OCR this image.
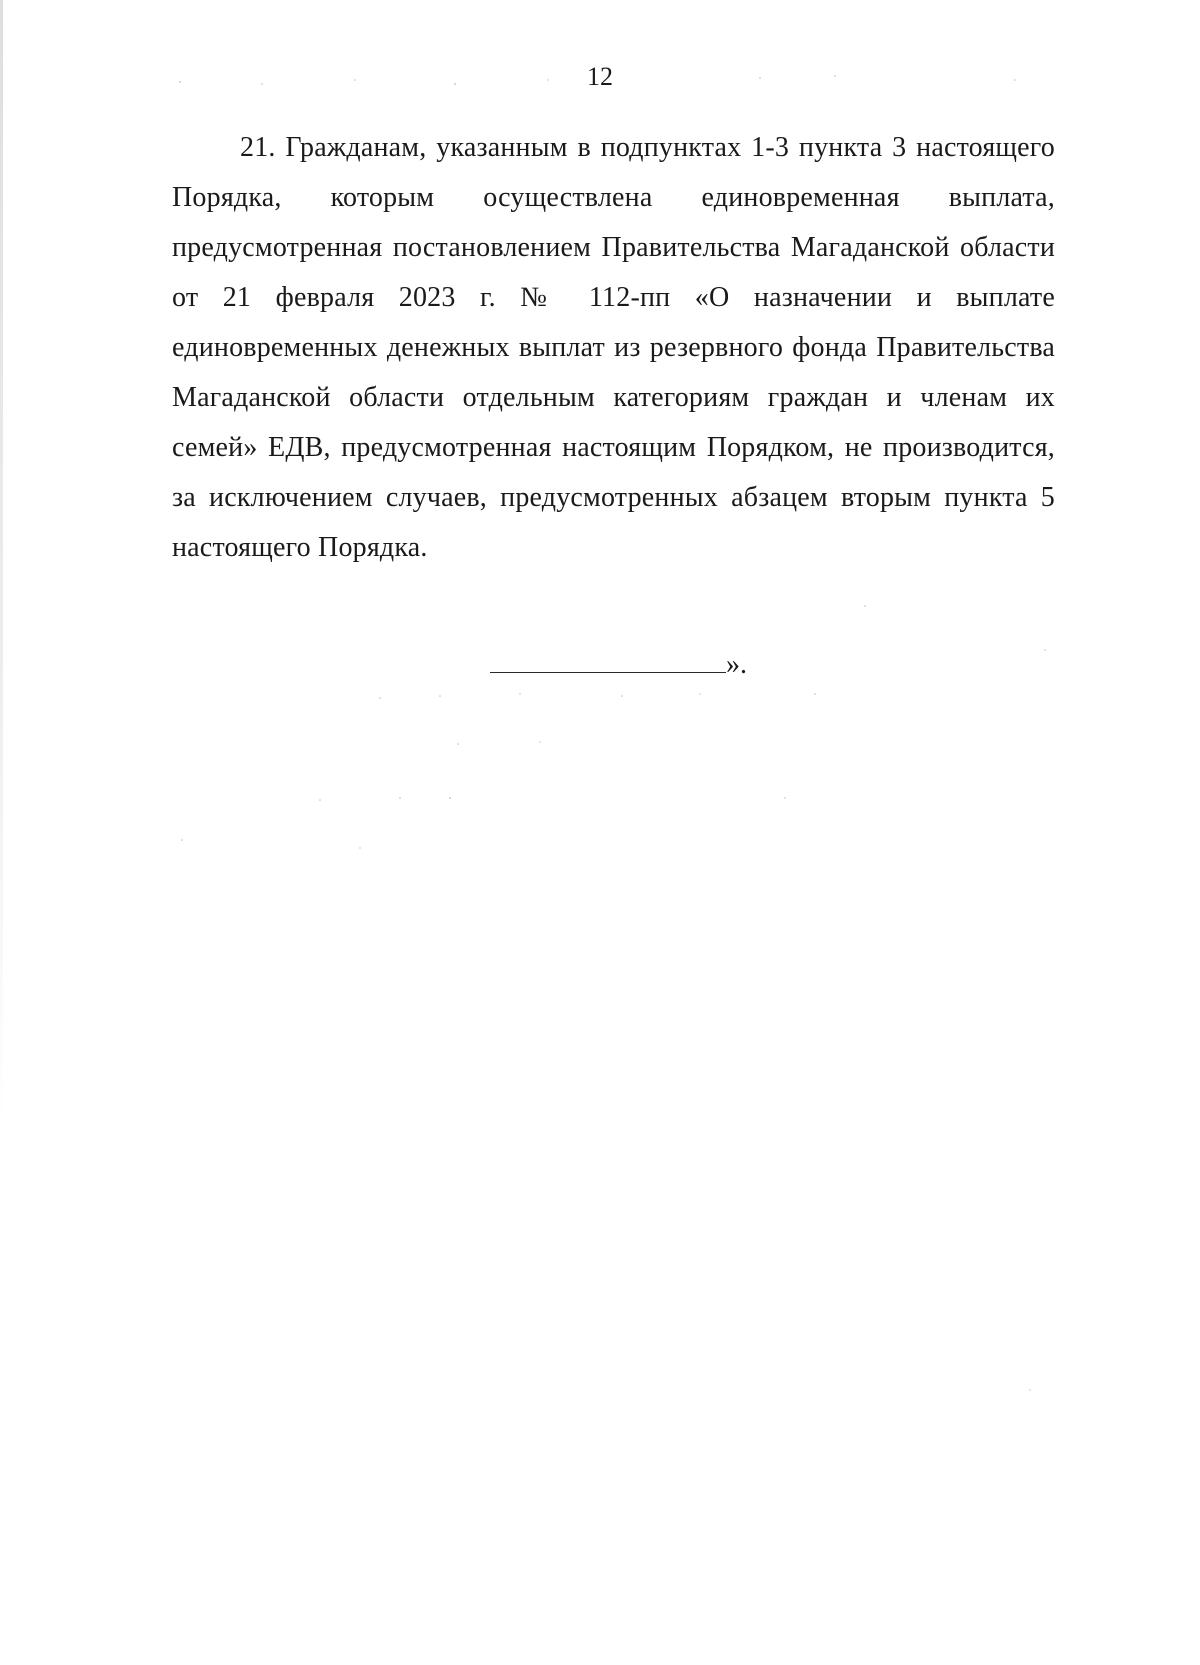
12

21. Гражданам, указанным в подпунктах 1-3 пункта 3 настоящего Порядка, которым осуществлена единовременная выплата, предусмотренная постановлением Правительства Магаданской области от 21 февраля 2023 г. № 112-пп «О назначении и выплате единовременных денежных выплат из резервного фонда Правительства Магаданской области отдельным категориям граждан и членам их семей» ЕДВ, предусмотренная настоящим Порядком, не производится, за исключением случаев, предусмотренных абзацем вторым пункта 5 настоящего Порядка.

».
